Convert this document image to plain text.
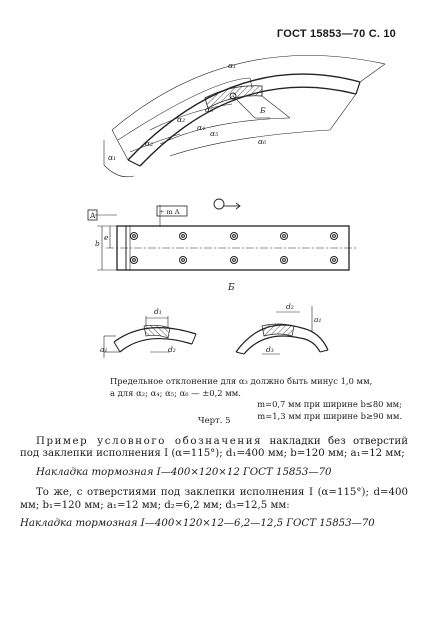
ГОСТ 15853—70 С. 10
α₁
α₂
α₃
α₄
α₅
α₆
α₂
α₁
Б
A	÷ m A
b
e
Б
d₁
d₂
a₁
d₂
d₃
a₁
Предельное отклонение для α₃ должно быть минус 1,0 мм,
а для α₂; α₄; α₅; α₆ — ±0,2 мм.
m=0,7 мм при ширине b≤80 мм;
m=1,3 мм при ширине b≥90 мм.
Черт. 5

Пример условного обозначения накладки без отверстий под заклепки исполнения I (α=115°); d₁=400 мм; b=120 мм; a₁=12 мм;

Накладка тормозная I—400×120×12 ГОСТ 15853—70

То же, с отверстиями под заклепки исполнения I (α=115°); d=400 мм; b₁=120 мм; a₁=12 мм; d₂=6,2 мм; d₃=12,5 мм:

Накладка тормозная I—400×120×12—6,2—12,5 ГОСТ 15853—70
